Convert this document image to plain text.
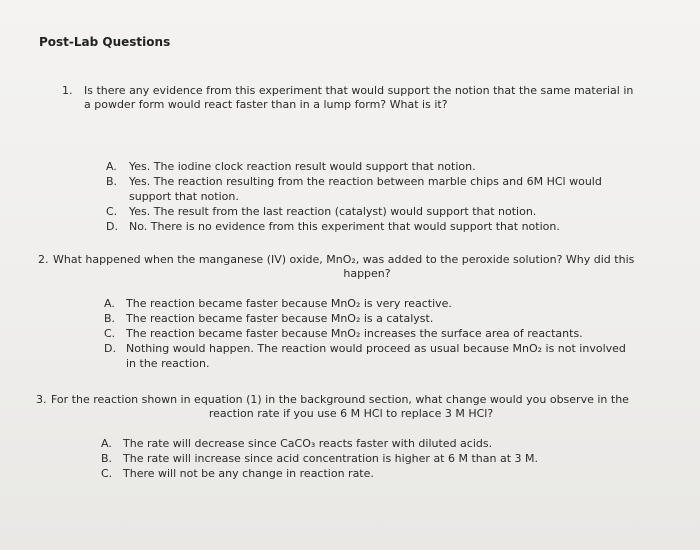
Post-Lab Questions
1. Is there any evidence from this experiment that would support the notion that the same material in
a powder form would react faster than in a lump form? What is it?
A. Yes. The iodine clock reaction result would support that notion.
B. Yes. The reaction resulting from the reaction between marble chips and 6M HCl would
support that notion.
C. Yes. The result from the last reaction (catalyst) would support that notion.
D. No. There is no evidence from this experiment that would support that notion.
2. What happened when the manganese (IV) oxide, MnO₂, was added to the peroxide solution? Why did this
happen?
A. The reaction became faster because MnO₂ is very reactive.
B. The reaction became faster because MnO₂ is a catalyst.
C. The reaction became faster because MnO₂ increases the surface area of reactants.
D. Nothing would happen. The reaction would proceed as usual because MnO₂ is not involved
in the reaction.
3. For the reaction shown in equation (1) in the background section, what change would you observe in the
reaction rate if you use 6 M HCl to replace 3 M HCl?
A. The rate will decrease since CaCO₃ reacts faster with diluted acids.
B. The rate will increase since acid concentration is higher at 6 M than at 3 M.
C. There will not be any change in reaction rate.
